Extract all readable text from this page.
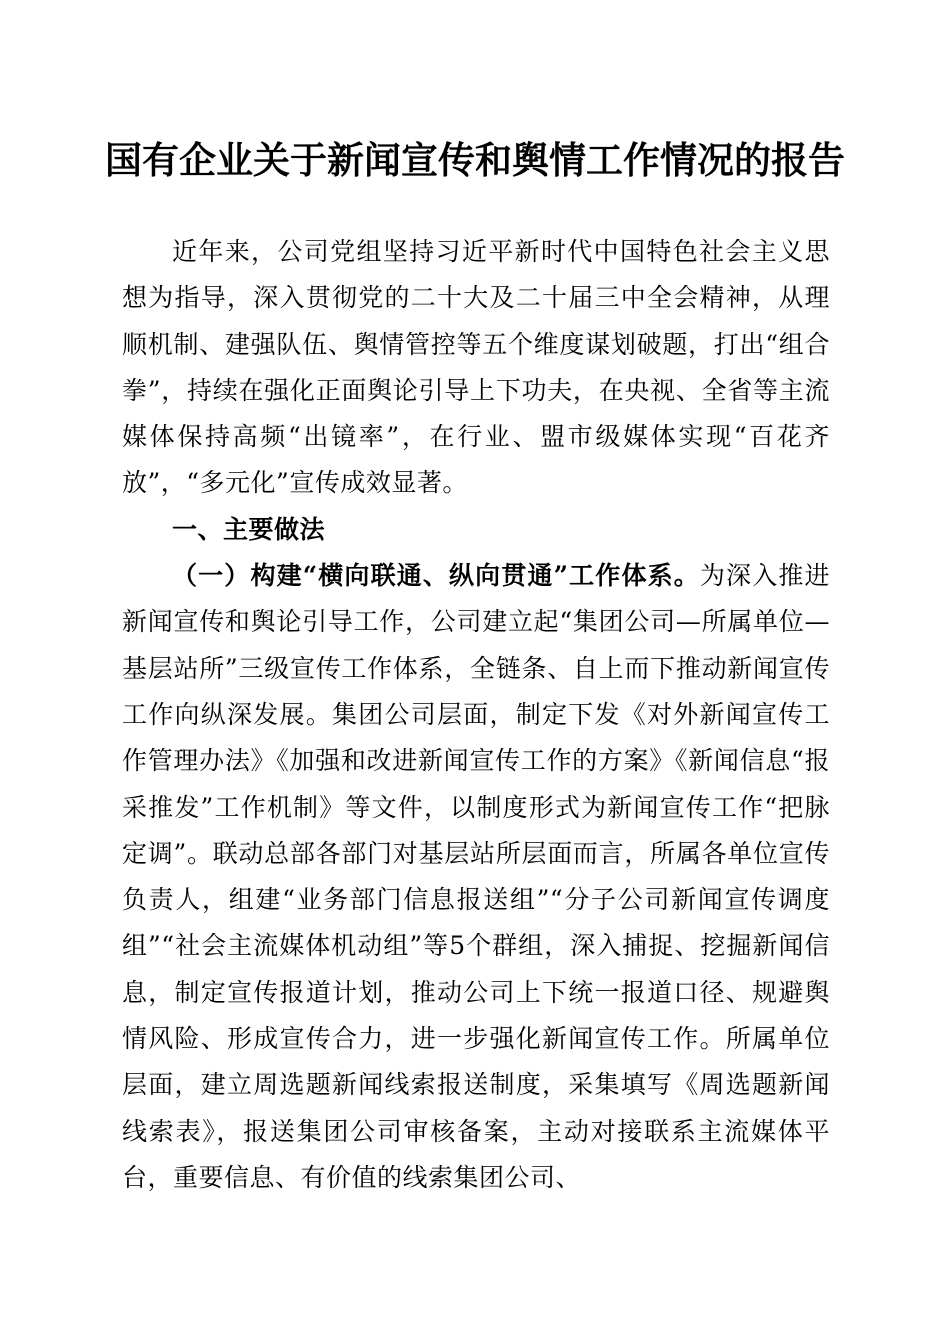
国有企业关于新闻宣传和舆情工作情况的报告

近年来，公司党组坚持习近平新时代中国特色社会主义思想为指导，深入贯彻党的二十大及二十届三中全会精神，从理顺机制、建强队伍、舆情管控等五个维度谋划破题，打出“组合拳”，持续在强化正面舆论引导上下功夫，在央视、全省等主流媒体保持高频“出镜率”，在行业、盟市级媒体实现“百花齐放”，“多元化”宣传成效显著。

一、主要做法

（一）构建“横向联通、纵向贯通”工作体系。为深入推进新闻宣传和舆论引导工作，公司建立起“集团公司—所属单位—基层站所”三级宣传工作体系，全链条、自上而下推动新闻宣传工作向纵深发展。集团公司层面，制定下发《对外新闻宣传工作管理办法》《加强和改进新闻宣传工作的方案》《新闻信息“报采推发”工作机制》等文件，以制度形式为新闻宣传工作“把脉定调”。联动总部各部门对基层站所层面而言，所属各单位宣传负责人，组建“业务部门信息报送组”“分子公司新闻宣传调度组”“社会主流媒体机动组”等5个群组，深入捕捉、挖掘新闻信息，制定宣传报道计划，推动公司上下统一报道口径、规避舆情风险、形成宣传合力，进一步强化新闻宣传工作。所属单位层面，建立周选题新闻线索报送制度，采集填写《周选题新闻线索表》，报送集团公司审核备案，主动对接联系主流媒体平台，重要信息、有价值的线索集团公司、
